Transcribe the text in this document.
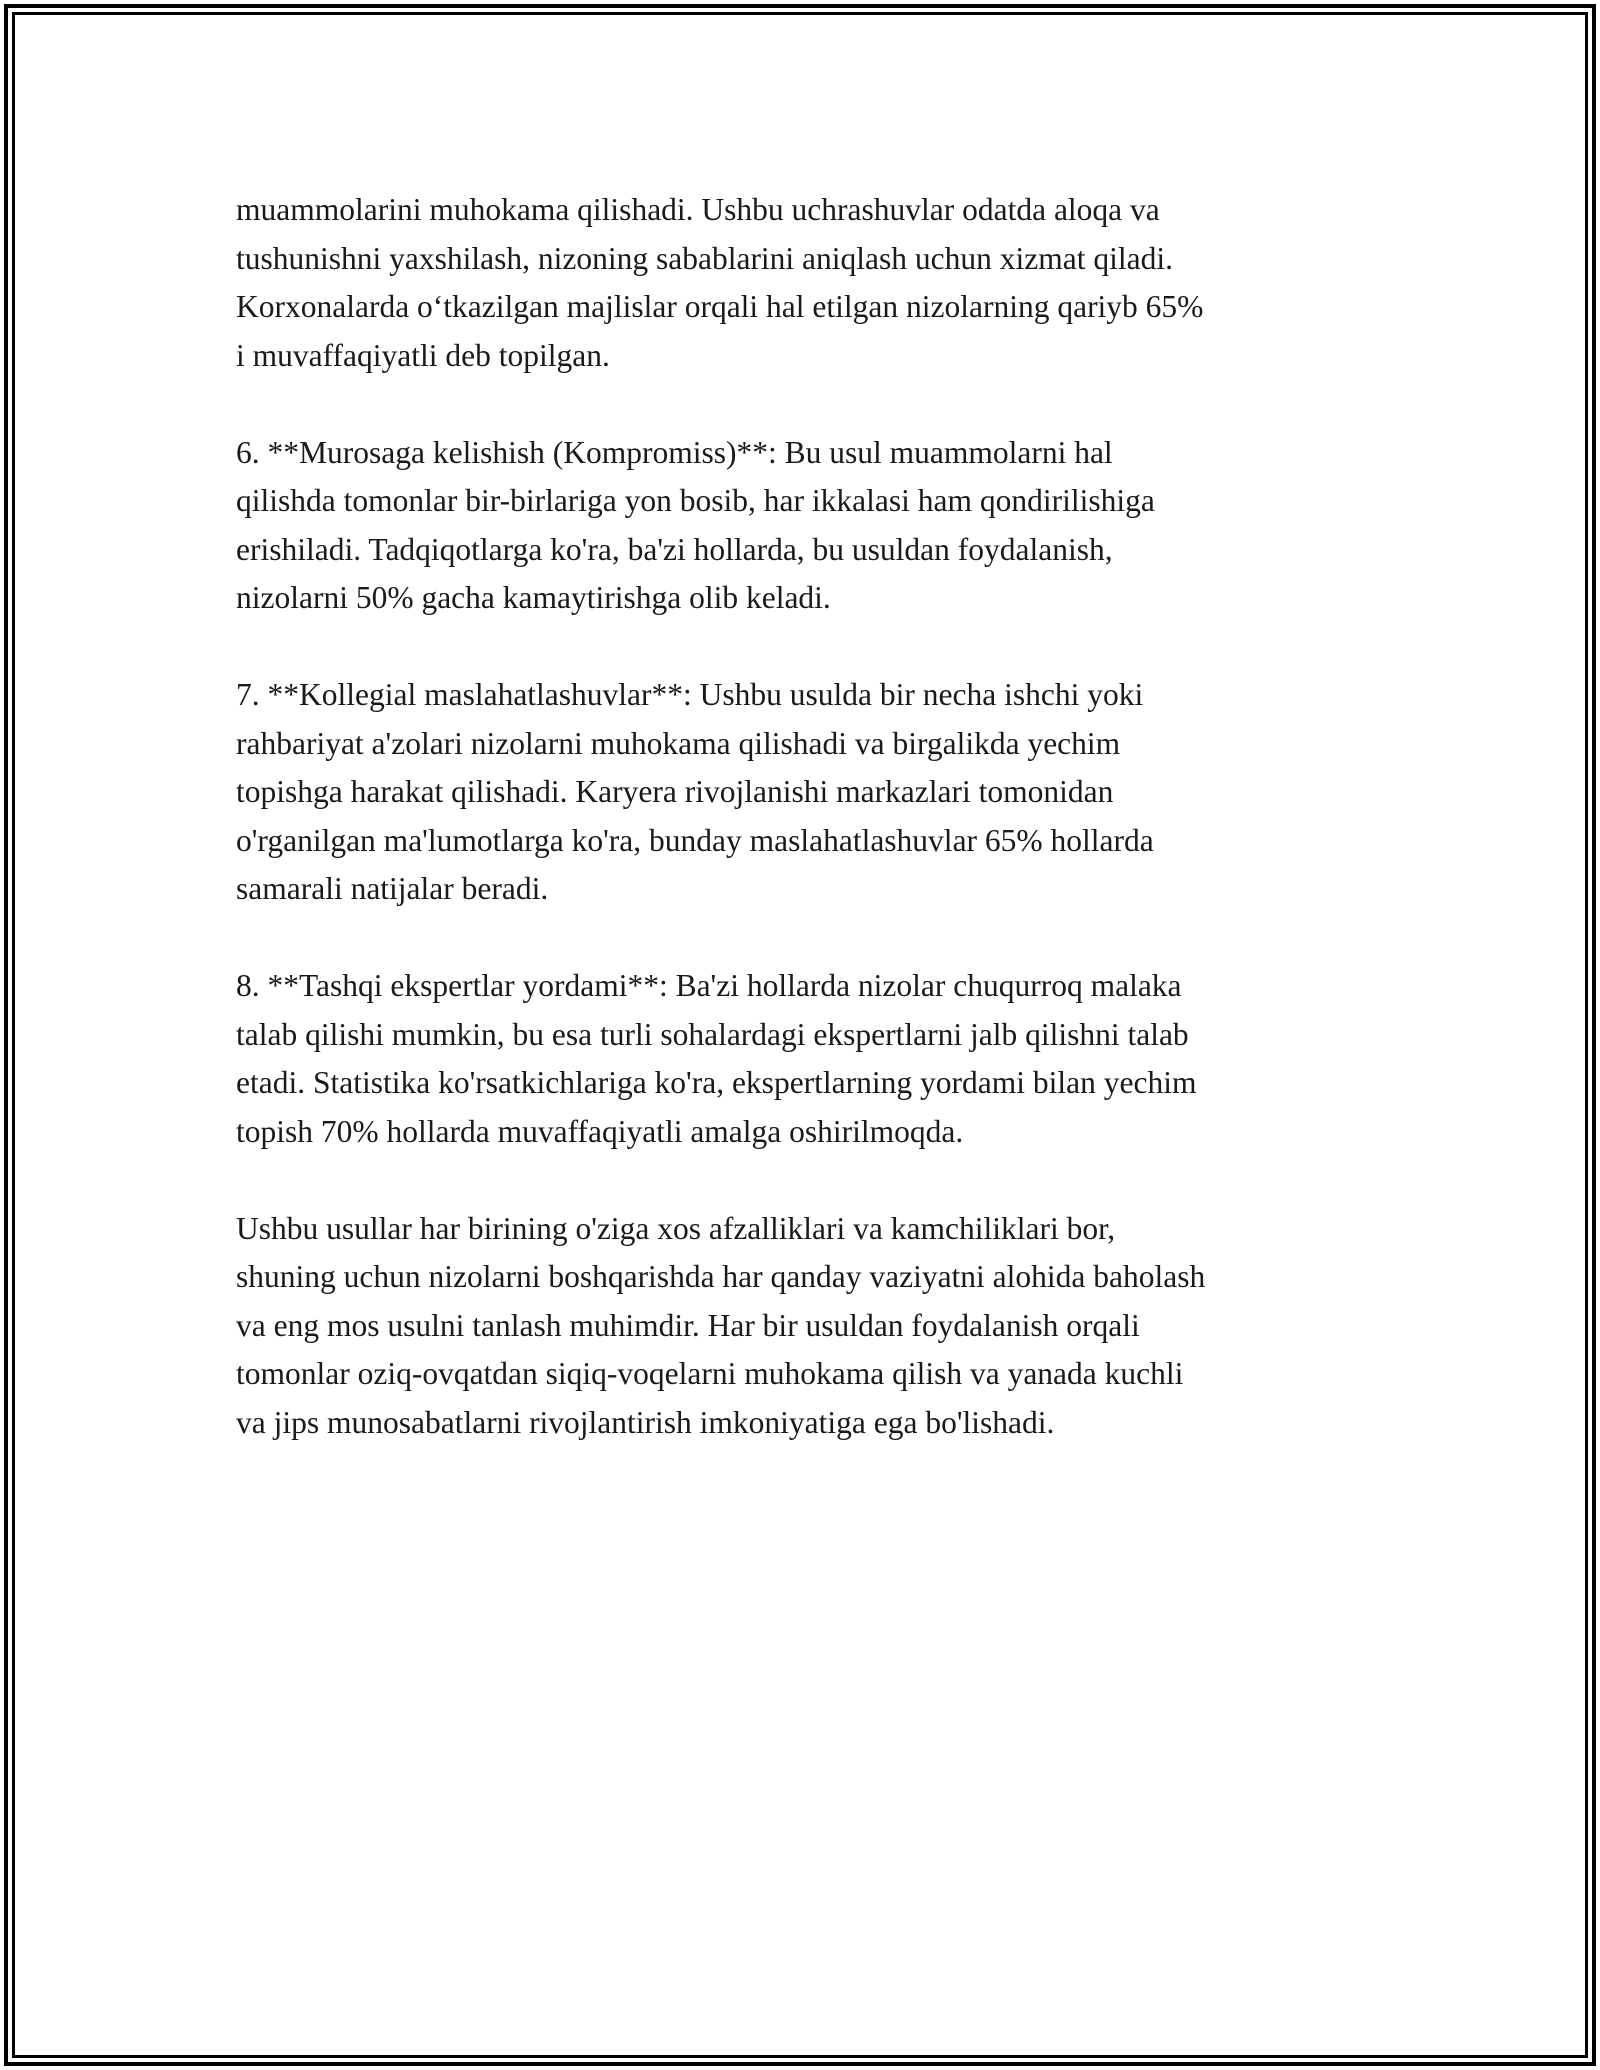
muammolarini muhokama qilishadi. Ushbu uchrashuvlar odatda aloqa va
tushunishni yaxshilash, nizoning sabablarini aniqlash uchun xizmat qiladi.
Korxonalarda o‘tkazilgan majlislar orqali hal etilgan nizolarning qariyb 65%
i muvaffaqiyatli deb topilgan.

6. **Murosaga kelishish (Kompromiss)**: Bu usul muammolarni hal
qilishda tomonlar bir-birlariga yon bosib, har ikkalasi ham qondirilishiga
erishiladi. Tadqiqotlarga ko'ra, ba'zi hollarda, bu usuldan foydalanish,
nizolarni 50% gacha kamaytirishga olib keladi.

7. **Kollegial maslahatlashuvlar**: Ushbu usulda bir necha ishchi yoki
rahbariyat a'zolari nizolarni muhokama qilishadi va birgalikda yechim
topishga harakat qilishadi. Karyera rivojlanishi markazlari tomonidan
o'rganilgan ma'lumotlarga ko'ra, bunday maslahatlashuvlar 65% hollarda
samarali natijalar beradi.

8. **Tashqi ekspertlar yordami**: Ba'zi hollarda nizolar chuqurroq malaka
talab qilishi mumkin, bu esa turli sohalardagi ekspertlarni jalb qilishni talab
etadi. Statistika ko'rsatkichlariga ko'ra, ekspertlarning yordami bilan yechim
topish 70% hollarda muvaffaqiyatli amalga oshirilmoqda.

Ushbu usullar har birining o'ziga xos afzalliklari va kamchiliklari bor,
shuning uchun nizolarni boshqarishda har qanday vaziyatni alohida baholash
va eng mos usulni tanlash muhimdir. Har bir usuldan foydalanish orqali
tomonlar oziq-ovqatdan siqiq-voqelarni muhokama qilish va yanada kuchli
va jips munosabatlarni rivojlantirish imkoniyatiga ega bo'lishadi.
